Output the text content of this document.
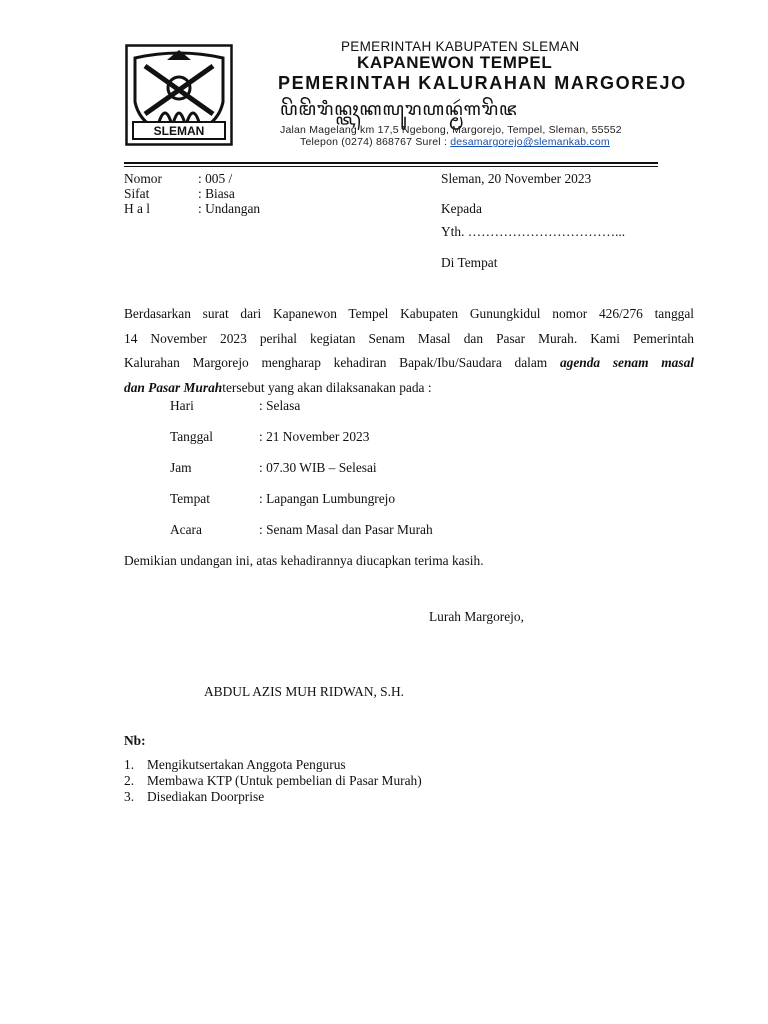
SLEMAN
PEMERINTAH KABUPATEN SLEMAN
KAPANEWON TEMPEL
PEMERINTAH KALURAHAN MARGOREJO
ꦥꦼꦩꦼꦫꦶꦤ꧀ꦠꦃꦏꦭꦸꦫꦲꦤ꧀ꦩꦂꦒꦫꦼꦗ
Jalan Magelang km 17,5 Ngebong, Margorejo, Tempel, Sleman, 55552
Telepon (0274) 868767 Surel : desamargorejo@slemankab.com
Nomor	: 005 /
Sifat	: Biasa
H a l	: Undangan
Sleman, 20 November 2023
Kepada
Yth. ……………………………...
Di Tempat
Berdasarkan surat dari Kapanewon Tempel Kabupaten Gunungkidul nomor 426/276 tanggal
14 November 2023 perihal kegiatan Senam Masal dan Pasar Murah. Kami Pemerintah
Kalurahan Margorejo mengharap kehadiran Bapak/Ibu/Saudara dalam agenda senam masal
dan Pasar Murahtersebut yang akan dilaksanakan pada :
Hari	: Selasa
Tanggal	: 21 November 2023
Jam	: 07.30 WIB – Selesai
Tempat	: Lapangan Lumbungrejo
Acara	: Senam Masal dan Pasar Murah
Demikian undangan ini, atas kehadirannya diucapkan terima kasih.
Lurah Margorejo,
ABDUL AZIS MUH RIDWAN, S.H.
Nb:
1. Mengikutsertakan Anggota Pengurus
2. Membawa KTP (Untuk pembelian di Pasar Murah)
3. Disediakan Doorprise
